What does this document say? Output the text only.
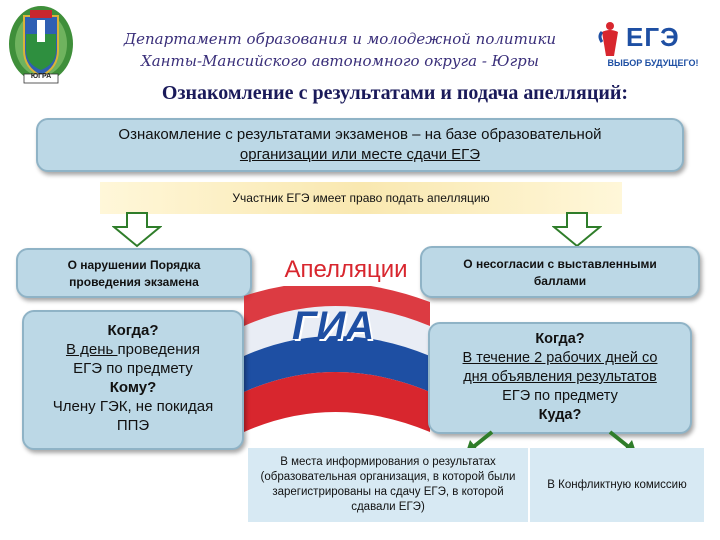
ЮГРА
Департамент образования и молодежной политики
Ханты-Мансийского автономного округа - Югры
ЕГЭ
ВЫБОР БУДУЩЕГО!
Ознакомление с результатами и подача апелляций:
Ознакомление с результатами экзаменов – на базе образовательной
организации или месте сдачи ЕГЭ
Участник ЕГЭ имеет право подать апелляцию
О нарушении Порядка
проведения экзамена
О несогласии с выставленными
баллами
Апелляции
ГИА
Когда?
В день проведения
ЕГЭ по предмету
Кому?
Члену ГЭК, не покидая
ППЭ
Когда?
В течение 2 рабочих дней со
дня объявления результатов
ЕГЭ по предмету
Куда?
В места информирования о результатах (образовательная организация, в которой были зарегистрированы на сдачу ЕГЭ, в которой сдавали ЕГЭ)
В Конфликтную комиссию
